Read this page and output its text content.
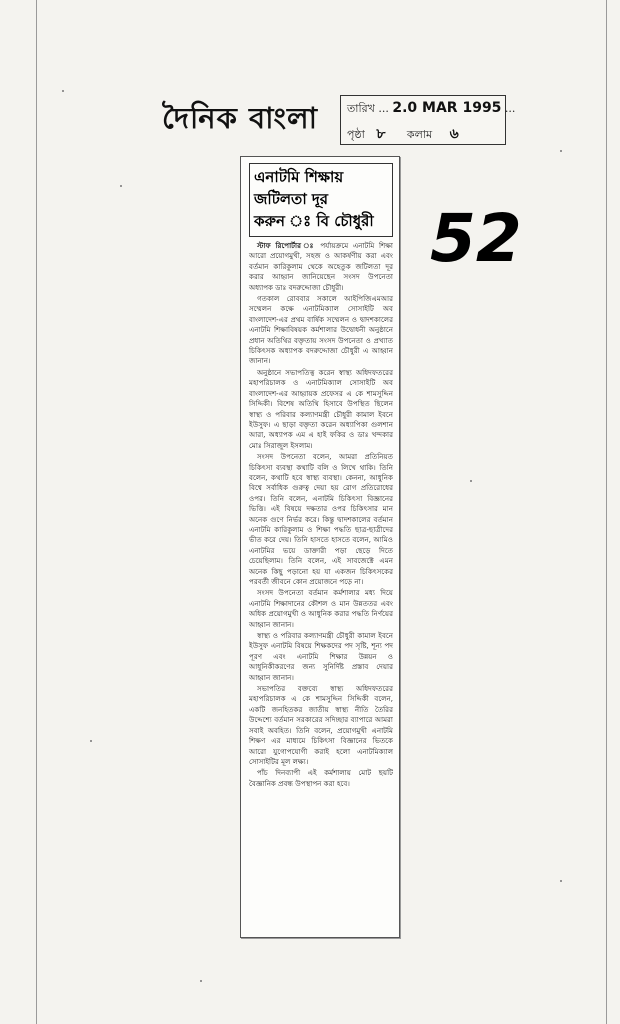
দৈনিক বাংলা	তারিখ ... 2.0 MAR 1995 ...
পৃষ্ঠা ৮ কলাম ৬
52
এনাটমি শিক্ষায়
জটিলতা দূর
করুন ঃ বি চৌধুরী

স্টাফ রিপোর্টার ঃ পর্যায়ক্রমে এনাটমি শিক্ষা আরো প্রয়োগমুখী, সহজ ও আকর্ষণীয় করা এবং বর্তমান কারিকুলাম থেকে অহেতুক জটিলতা দূর করার আহ্বান জানিয়েছেন সংসদ উপনেতা অধ্যাপক ডাঃ বদরুদ্দোজা চৌধুরী।

গতকাল রোববার সকালে আইপিজিএমআর সম্মেলন কক্ষে এনাটমিক্যাল সোসাইটি অব বাংলাদেশ-এর প্রথম বার্ষিক সম্মেলন ও দ্বাদশকালের এনাটমি শিক্ষাবিষয়ক কর্মশালার উদ্বোধনী অনুষ্ঠানে প্রধান অতিথির বক্তৃতায় সংসদ উপনেতা ও প্রখ্যাত চিকিৎসক অধ্যাপক বদরুদ্দোজা চৌধুরী এ আহ্বান জানান।

অনুষ্ঠানে সভাপতিত্ব করেন স্বাস্থ্য অধিদফতরের মহাপরিচালক ও এনাটমিক্যাল সোসাইটি অব বাংলাদেশ-এর আহ্বায়ক প্রফেসর এ কে শামসুদ্দিন সিদ্দিকী। বিশেষ অতিথি হিসাবে উপস্থিত ছিলেন স্বাস্থ্য ও পরিবার কল্যাণমন্ত্রী চৌধুরী কামাল ইবনে ইউসুফ। এ ছাড়া বক্তৃতা করেন অধ্যাপিকা গুলশান আরা, অধ্যাপক এম এ হাই ফকির ও ডাঃ খন্দকার মোঃ সিরাজুল ইসলাম।

সংসদ উপনেতা বলেন, আমরা প্রতিনিয়ত চিকিৎসা ব্যবস্থা কথাটি বলি ও লিখে থাকি। তিনি বলেন, কথাটি হবে স্বাস্থ্য ব্যবস্থা। কেননা, আধুনিক বিশ্বে সর্বাধিক গুরুত্ব দেয়া হয় রোগ প্রতিরোধের ওপর। তিনি বলেন, এনাটমি চিকিৎসা বিজ্ঞানের ভিত্তি। এই বিষয়ে দক্ষতার ওপর চিকিৎসার মান অনেক গুণে নির্ভর করে। কিন্তু দ্বাদশকালের বর্তমান এনাটমি কারিকুলাম ও শিক্ষা পদ্ধতি ছাত্র-ছাত্রীদের ভীত করে দেয়। তিনি হাসতে হাসতে বলেন, আমিও এনাটমির ভয়ে ডাক্তারী পড়া ছেড়ে দিতে চেয়েছিলাম। তিনি বলেন, এই সাবজেক্টে এমন অনেক কিছু পড়ানো হয় যা একজন চিকিৎসকের পরবর্তী জীবনে কোন প্রয়োজনে পড়ে না।

সংসদ উপনেতা বর্তমান কর্মশালার মধ্য দিয়ে এনাটমি শিক্ষাদানের কৌশল ও মান উন্নততর এবং অধিক প্রয়োগমুখী ও আধুনিক করার পদ্ধতি নির্ণয়ের আহ্বান জানান।

স্বাস্থ্য ও পরিবার কল্যাণমন্ত্রী চৌধুরী কামাল ইবনে ইউসুফ এনাটমি বিষয়ে শিক্ষকদের পদ সৃষ্টি, শূন্য পদ পূরণ এবং এনাটমি শিক্ষার উন্নয়ন ও আধুনিকীকরণের জন্য সুনির্দিষ্ট প্রস্তাব দেয়ার আহ্বান জানান।

সভাপতির বক্তব্যে স্বাস্থ্য অধিদফতরের মহাপরিচালক এ কে শামসুদ্দিন সিদ্দিকী বলেন, একটি জনহিতকর জাতীয় স্বাস্থ্য নীতি তৈরির উদ্দেশ্যে বর্তমান সরকারের সদিচ্ছার ব্যাপারে আমরা সবাই অবহিত। তিনি বলেন, প্রয়োগমুখী এনাটমি শিক্ষণ এর মাধ্যমে চিকিৎসা বিজ্ঞানের ভিতকে আরো যুগোপযোগী করাই হলো এনাটমিক্যাল সোসাইটির মূল লক্ষ্য।

পাঁচ দিনব্যাপী এই কর্মশালায় মোট ছয়টি বৈজ্ঞানিক প্রবন্ধ উপস্থাপন করা হবে।
